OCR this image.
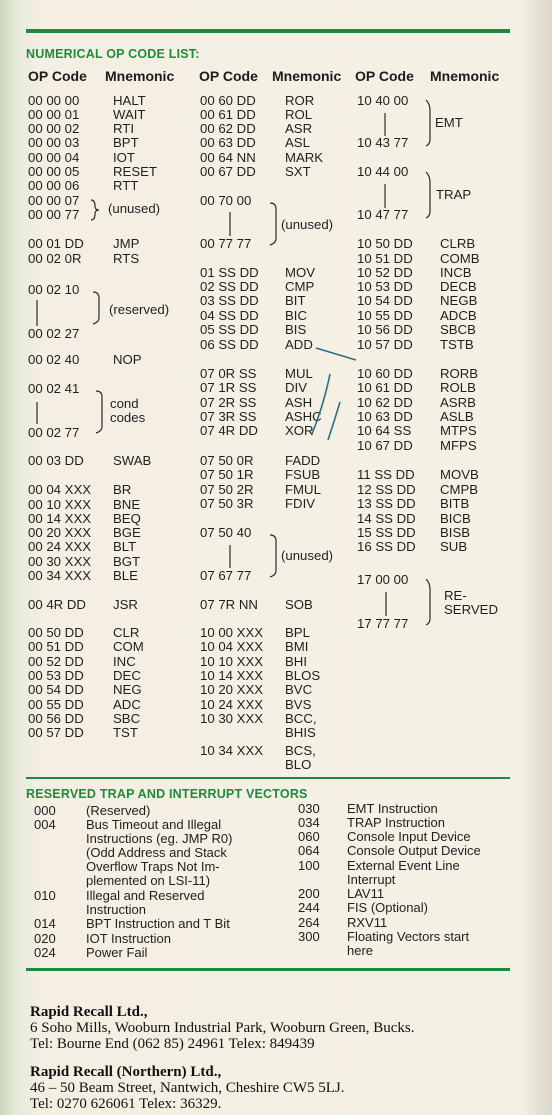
NUMERICAL OP CODE LIST:
OP Code Mnemonic OP Code Mnemonic OP Code Mnemonic
00 00 00	HALT
00 00 01	WAIT
00 00 02	RTI
00 00 03	BPT
00 00 04	IOT
00 00 05	RESET
00 00 06	RTT
00 00 07
00 00 77
00 01 DD JMP
00 02 0R RTS
00 02 10
00 02 27
00 02 40	NOP
00 02 41
00 02 77
00 03 DD SWAB
00 04 XXX BR
00 10 XXX BNE
00 14 XXX BEQ
00 20 XXX BGE
00 24 XXX BLT
00 30 XXX BGT
00 34 XXX BLE
00 4R DD JSR
00 50 DD CLR
00 51 DD COM
00 52 DD INC
00 53 DD DEC
00 54 DD NEG
00 55 DD ADC
00 56 DD SBC
00 57 DD TST
(unused)
(reserved)
cond
codes
00 60 DD ROR
00 61 DD ROL
00 62 DD ASR
00 63 DD ASL
00 64 NN MARK
00 67 DD SXT
00 70 00
00 77 77
01 SS DD MOV
02 SS DD CMP
03 SS DD BIT
04 SS DD BIC
05 SS DD BIS
06 SS DD ADD
07 0R SS MUL
07 1R SS DIV
07 2R SS ASH
07 3R SS ASHC
07 4R DD XOR
07 50 0R FADD
07 50 1R FSUB
07 50 2R FMUL
07 50 3R FDIV
07 50 40
07 67 77
07 7R NN SOB
10 00 XXX BPL
10 04 XXX BMI
10 10 XXX BHI
10 14 XXX BLOS
10 20 XXX BVC
10 24 XXX BVS
10 30 XXX BCC,
BHIS
10 34 XXX BCS,
BLO
(unused)
(unused)
10 40 00
10 43 77
10 44 00
10 47 77
10 50 DD CLRB
10 51 DD COMB
10 52 DD INCB
10 53 DD DECB
10 54 DD NEGB
10 55 DD ADCB
10 56 DD SBCB
10 57 DD TSTB
10 60 DD RORB
10 61 DD ROLB
10 62 DD ASRB
10 63 DD ASLB
10 64 SS MTPS
10 67 DD MFPS
11 SS DD MOVB
12 SS DD CMPB
13 SS DD BITB
14 SS DD BICB
15 SS DD BISB
16 SS DD SUB
17 00 00
17 77 77
EMT
TRAP
RE-
SERVED
RESERVED TRAP AND INTERRUPT VECTORS
000 (Reserved)
004 Bus Timeout and Illegal
Instructions (eg. JMP R0)
(Odd Address and Stack
Overflow Traps Not Im-
plemented on LSI-11)
010 Illegal and Reserved
Instruction
014 BPT Instruction and T Bit
020 IOT Instruction
024 Power Fail
030 EMT Instruction
034 TRAP Instruction
060 Console Input Device
064 Console Output Device
100 External Event Line
Interrupt
200 LAV11
244 FIS (Optional)
264 RXV11
300 Floating Vectors start
here
Rapid Recall Ltd.,
6 Soho Mills, Wooburn Industrial Park, Wooburn Green, Bucks.
Tel: Bourne End (062 85) 24961 Telex: 849439
Rapid Recall (Northern) Ltd.,
46 – 50 Beam Street, Nantwich, Cheshire CW5 5LJ.
Tel: 0270 626061 Telex: 36329.
